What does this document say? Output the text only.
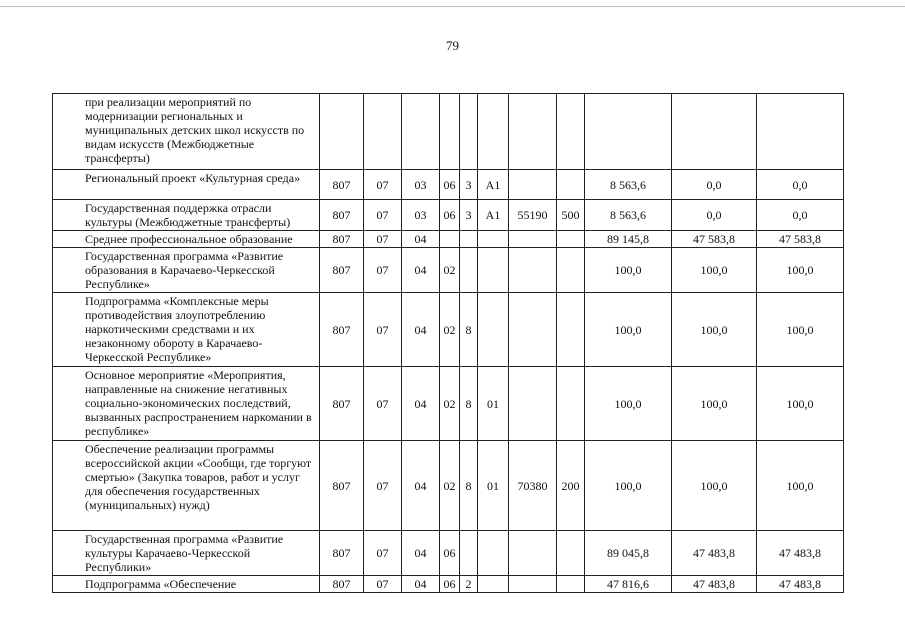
79
при реализации мероприятий по модернизации региональных и муниципальных детских школ искусств по видам искусств (Межбюджетные трансферты)											
Региональный проект «Культурная среда»	807	07	03	06	3	A1			8 563,6	0,0	0,0
Государственная поддержка отрасли культуры (Межбюджетные трансферты)	807	07	03	06	3	A1	55190	500	8 563,6	0,0	0,0
Среднее профессиональное образование	807	07	04						89 145,8	47 583,8	47 583,8
Государственная программа «Развитие образования в Карачаево-Черкесской Республике»	807	07	04	02					100,0	100,0	100,0
Подпрограмма «Комплексные меры противодействия злоупотреблению наркотическими средствами и их незаконному обороту в Карачаево-Черкесской Республике»	807	07	04	02	8				100,0	100,0	100,0
Основное мероприятие «Мероприятия, направленные на снижение негативных социально-экономических последствий, вызванных распространением наркомании в республике»	807	07	04	02	8	01			100,0	100,0	100,0
Обеспечение реализации программы всероссийской акции «Сообщи, где торгуют смертью» (Закупка товаров, работ и услуг для обеспечения государственных (муниципальных) нужд)	807	07	04	02	8	01	70380	200	100,0	100,0	100,0
Государственная программа «Развитие культуры Карачаево-Черкесской Республики»	807	07	04	06					89 045,8	47 483,8	47 483,8
Подпрограмма «Обеспечение	807	07	04	06	2				47 816,6	47 483,8	47 483,8
